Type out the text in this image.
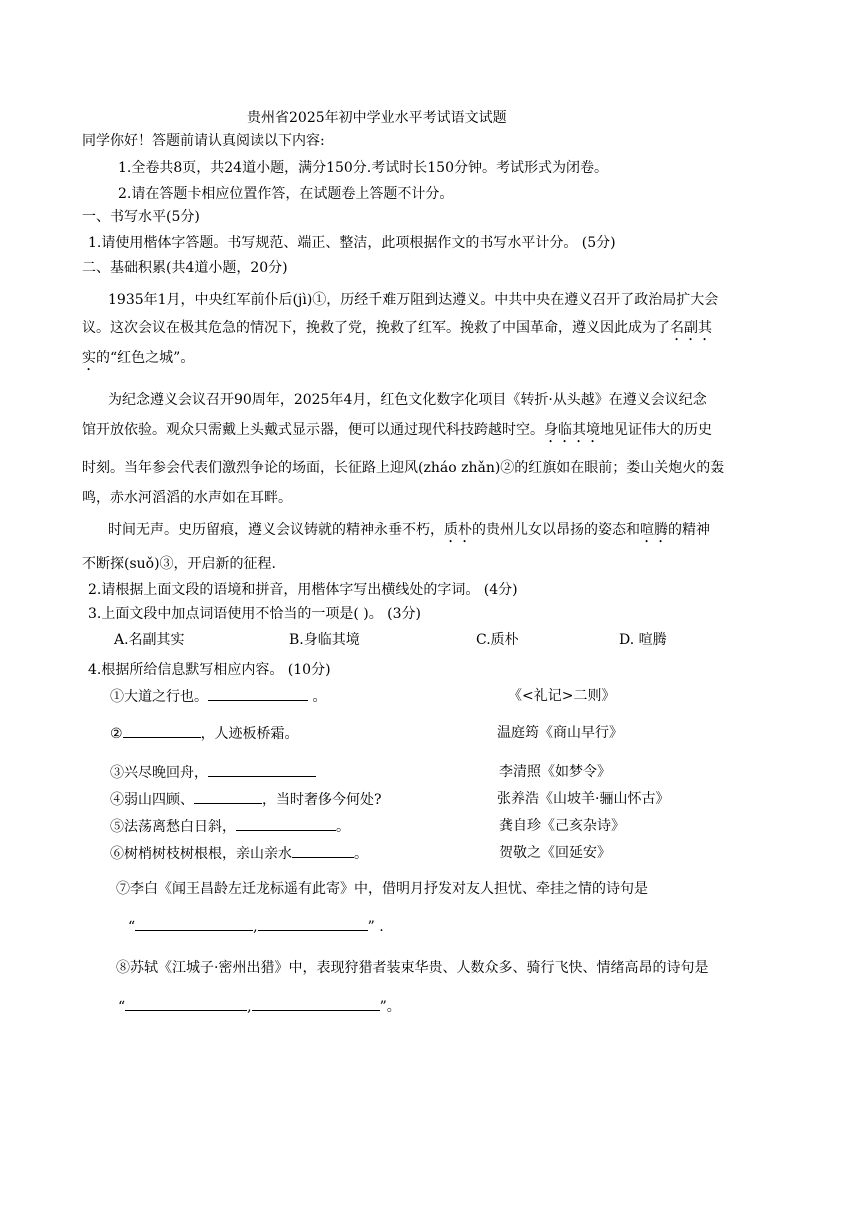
贵州省2025年初中学业水平考试语文试题
同学你好！答题前请认真阅读以下内容:
1.全卷共8页，共24道小题，满分150分.考试时长150分钟。考试形式为闭卷。
2.请在答题卡相应位置作答，在试题卷上答题不计分。
一、书写水平(5分)
1.请使用楷体字答题。书写规范、端正、整洁，此项根据作文的书写水平计分。 (5分)
二、基础积累(共4道小题，20分)
1935年1月，中央红军前仆后(jì)①，历经千难万阻到达遵义。中共中央在遵义召开了政治局扩大会
议。这次会议在极其危急的情况下，挽救了党，挽救了红军。挽救了中国革命，遵义因此成为了名副其
实的“红色之城”。
为纪念遵义会议召开90周年，2025年4月，红色文化数字化项目《转折·从头越》在遵义会议纪念
馆开放依验。观众只需戴上头戴式显示器，便可以通过现代科技跨越时空。身临其境地见证伟大的历史
时刻。当年参会代表们激烈争论的场面，长征路上迎风(zháo zhǎn)②的红旗如在眼前；娄山关炮火的轰
鸣，赤水河滔滔的水声如在耳畔。
时间无声。史历留痕，遵义会议铸就的精神永垂不朽，质朴的贵州儿女以昂扬的姿态和喧腾的精神
不断探(suǒ)③，开启新的征程.
2.请根据上面文段的语境和拼音，用楷体字写出横线处的字词。 (4分)
3.上面文段中加点词语使用不恰当的一项是( )。 (3分)
A.名副其实	B.身临其境	C.质朴	D. 喧腾
4.根据所给信息默写相应内容。 (10分)
①大道之行也。	。	《<礼记>二则》
②	，人迹板桥霜。	温庭筠《商山早行》
③兴尽晚回舟，	李清照《如梦令》
④弱山四顾、	，当时奢侈今何处?	张养浩《山坡羊·骊山怀古》
⑤法荡离愁白日斜，	。	龚自珍《己亥杂诗》
⑥树梢树枝树根根，亲山亲水	。	贺敬之《回延安》
⑦李白《闻王昌龄左迁龙标遥有此寄》中，借明月抒发对友人担忧、牵挂之情的诗句是
“	,	” .
⑧苏轼《江城子·密州出猎》中，表现狩猎者装束华贵、人数众多、骑行飞快、情绪高昂的诗句是
“	,	”。
